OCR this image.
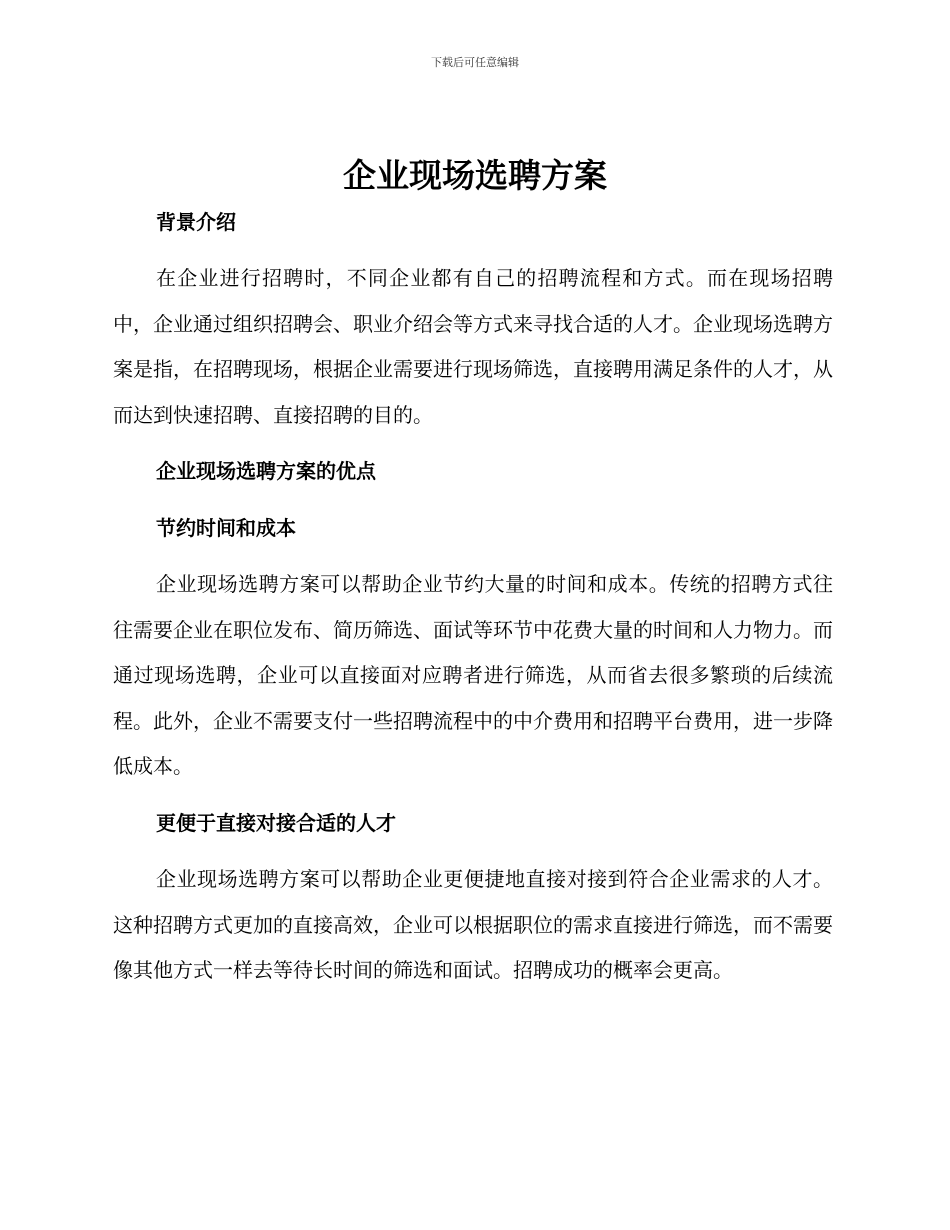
下载后可任意编辑
企业现场选聘方案
背景介绍

在企业进行招聘时，不同企业都有自己的招聘流程和方式。而在现场招聘中，企业通过组织招聘会、职业介绍会等方式来寻找合适的人才。企业现场选聘方案是指，在招聘现场，根据企业需要进行现场筛选，直接聘用满足条件的人才，从而达到快速招聘、直接招聘的目的。

企业现场选聘方案的优点
节约时间和成本

企业现场选聘方案可以帮助企业节约大量的时间和成本。传统的招聘方式往往需要企业在职位发布、简历筛选、面试等环节中花费大量的时间和人力物力。而通过现场选聘，企业可以直接面对应聘者进行筛选，从而省去很多繁琐的后续流程。此外，企业不需要支付一些招聘流程中的中介费用和招聘平台费用，进一步降低成本。

更便于直接对接合适的人才

企业现场选聘方案可以帮助企业更便捷地直接对接到符合企业需求的人才。这种招聘方式更加的直接高效，企业可以根据职位的需求直接进行筛选，而不需要像其他方式一样去等待长时间的筛选和面试。招聘成功的概率会更高。
